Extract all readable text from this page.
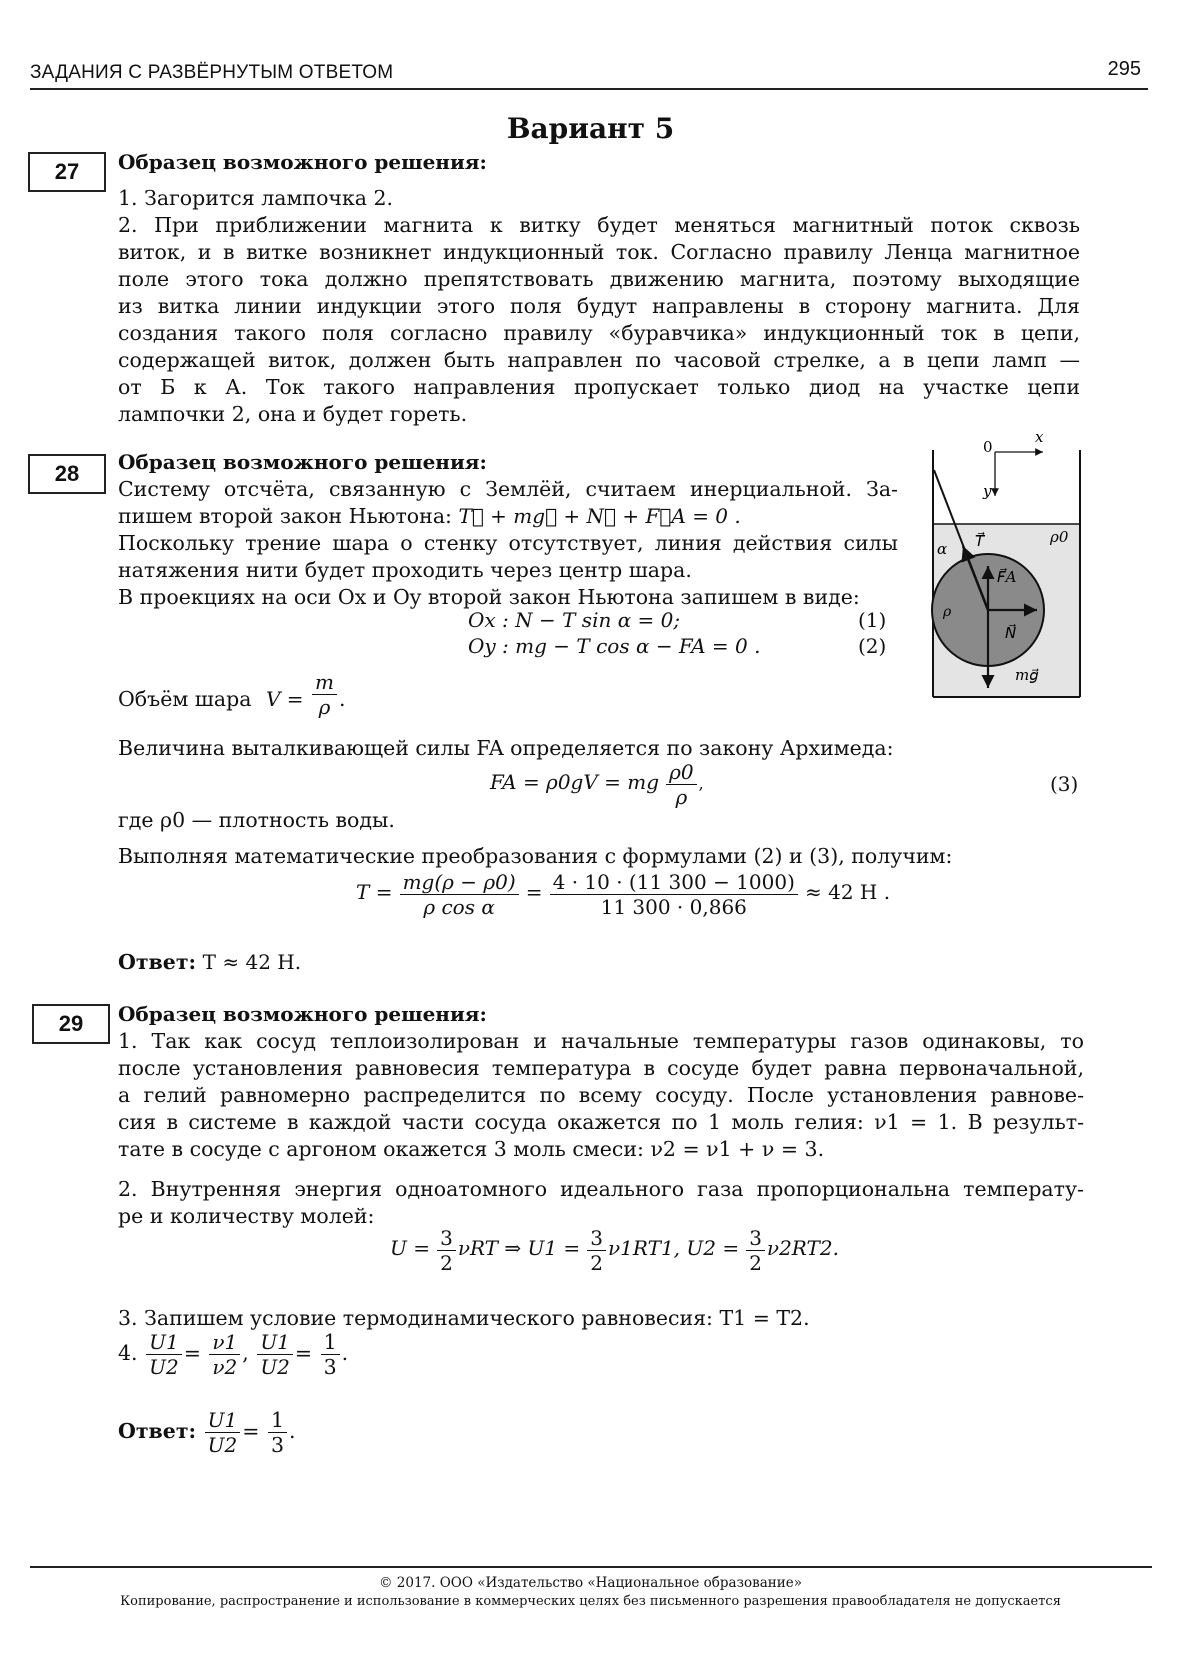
ЗАДАНИЯ С РАЗВЁРНУТЫМ ОТВЕТОМ	295
Вариант 5
27	Образец возможного решения:
1. Загорится лампочка 2.
2. При приближении магнита к витку будет меняться магнитный поток сквозь
виток, и в витке возникнет индукционный ток. Согласно правилу Ленца магнитное
поле этого тока должно препятствовать движению магнита, поэтому выходящие
из витка линии индукции этого поля будут направлены в сторону магнита. Для
создания такого поля согласно правилу «буравчика» индукционный ток в цепи,
содержащей виток, должен быть направлен по часовой стрелке, а в цепи ламп —
от Б к А. Ток такого направления пропускает только диод на участке цепи
лампочки 2, она и будет гореть.
28	Образец возможного решения:
Системy отсчёта, связанную с Землёй, считаем инерциальной. За-
пишем второй закон Ньютона: T⃗ + mg⃗ + N⃗ + F⃗A = 0 .
Поскольку трение шара о стенку отсутствует, линия действия силы
натяжения нити будет проходить через центр шара.
В проекциях на оси Ox и Oy второй закон Ньютона запишем в виде:
Ox : N − T sin α = 0;	(1)
Oy : mg − T cos α − FA = 0 .	(2)
0
x
y
α T⃗	ρ0
ρ
F⃗A
N⃗
mg⃗
Объём шара $V = \frac{m}{\rho}$ .
Величина выталкивающей силы FA определяется по закону Архимеда:
FA = ρ0gV = mg $\frac{\rho 0}{\rho}$ ,	(3)
где ρ0 — плотность воды.
Выполняя математические преобразования с формулами (2) и (3), получим:
$T = \frac{mg(\rho - \rho 0)}{\text{ρ cos α}} = \frac{4 \cdot 10 \cdot (11 300 - 1000)}{11 300 \cdot 0,866} \approx 42$ Н .
Ответ: T ≈ 42 Н.
29	Образец возможного решения:
1. Так как сосуд теплоизолирован и начальные температуры газов одинаковы, то
после установления равновесия температура в сосуде будет равна первоначальной,
а гелий равномерно распределится по всему сосуду. После установления равнове-
сия в системе в каждой части сосуда окажется по 1 моль гелия: ν1 = 1. В результ-
тате в сосуде с аргоном окажется 3 моль смеси: ν2 = ν1 + ν = 3.
2. Внутренняя энергия одноатомного идеального газа пропорциональна температу-
ре и количеству молей:
$U = \frac{3}{2}$ νRT ⇒ $U1 = \frac{3}{2} \nu 1RT1$, $U2 = \frac{3}{2} \nu 2RT2$.
3. Запишем условие термодинамического равновесия: T1 = T2.
4. $\frac{U1}{U2} = \frac{\nu 1}{\nu 2}$ , $\frac{U1}{U2} = \frac{1}{3}$ .
Ответ: $\frac{U1}{U2} = \frac{1}{3}$ .
© 2017. ООО «Издательство «Национальное образование»
Копирование, распространение и использование в коммерческих целях без письменного разрешения правообладателя не допускается
